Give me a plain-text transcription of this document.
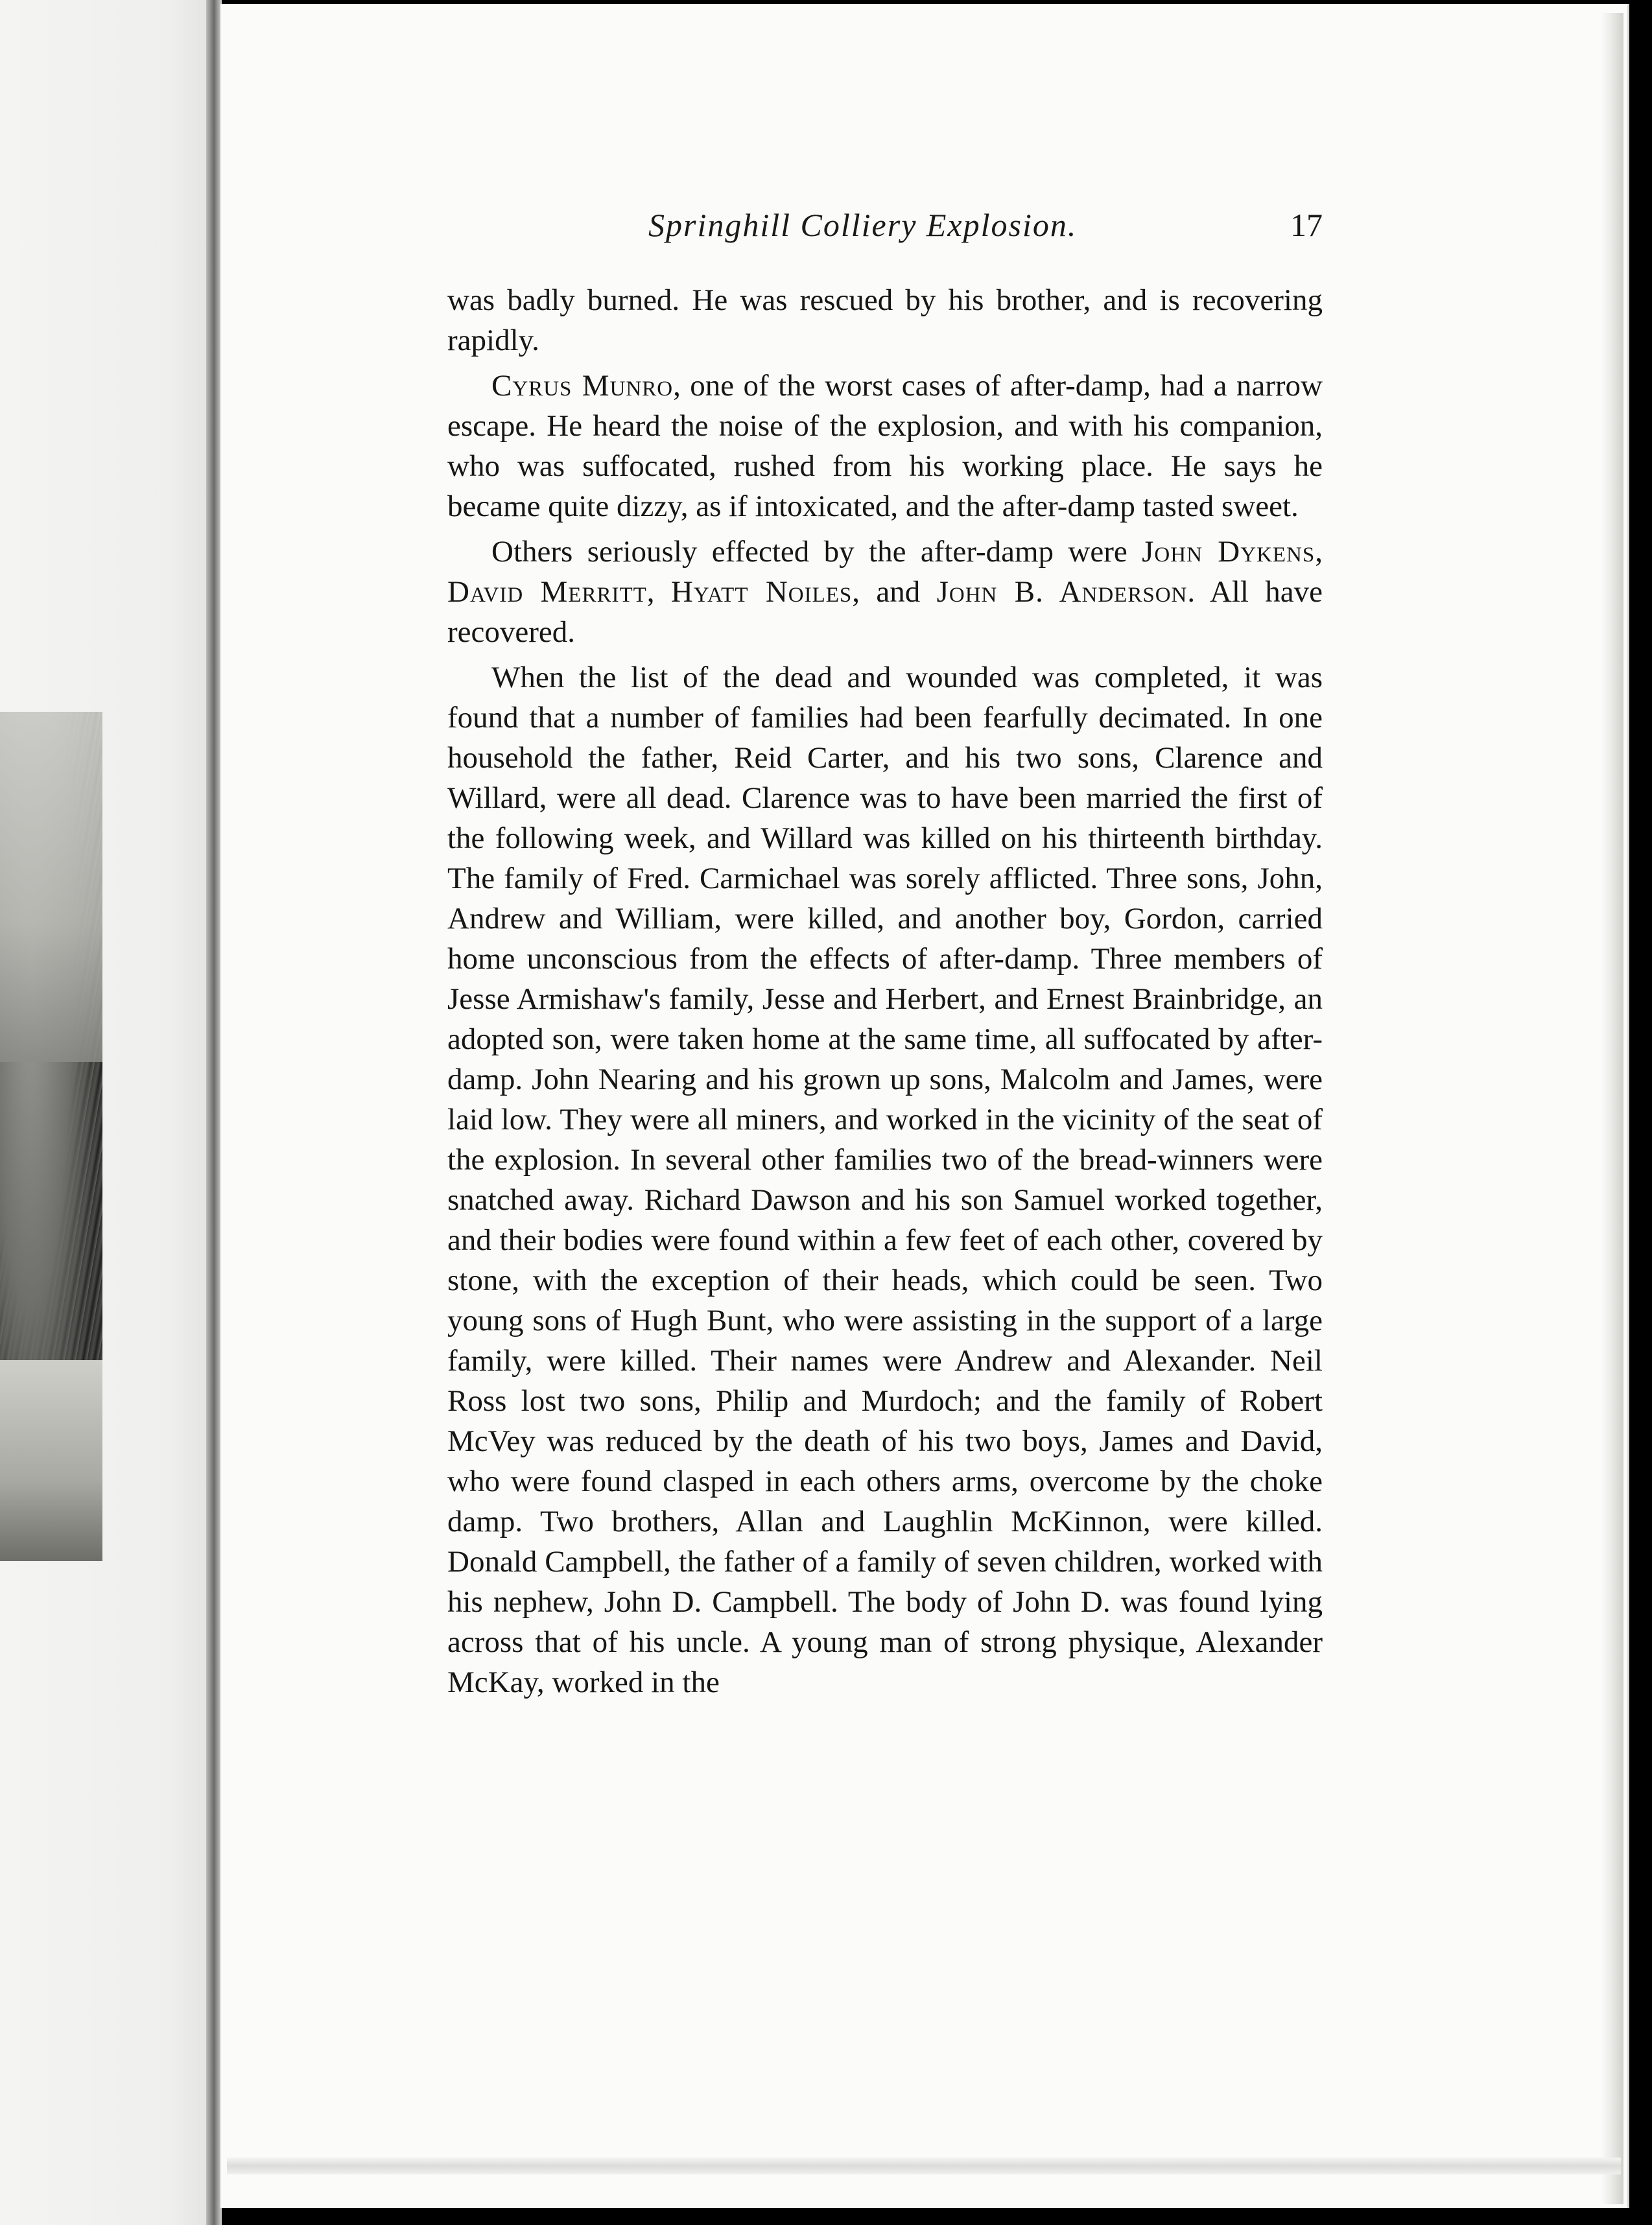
Springhill Colliery Explosion.	17

was badly burned. He was rescued by his brother, and is recovering rapidly.

Cyrus Munro, one of the worst cases of after-damp, had a narrow escape. He heard the noise of the explosion, and with his companion, who was suffocated, rushed from his working place. He says he became quite dizzy, as if intoxicated, and the after-damp tasted sweet.

Others seriously effected by the after-damp were John Dykens, David Merritt, Hyatt Noiles, and John B. Anderson. All have recovered.

When the list of the dead and wounded was completed, it was found that a number of families had been fearfully decimated. In one household the father, Reid Carter, and his two sons, Clarence and Willard, were all dead. Clarence was to have been married the first of the following week, and Willard was killed on his thirteenth birthday. The family of Fred. Carmichael was sorely afflicted. Three sons, John, Andrew and William, were killed, and another boy, Gordon, carried home unconscious from the effects of after-damp. Three members of Jesse Armishaw's family, Jesse and Herbert, and Ernest Brainbridge, an adopted son, were taken home at the same time, all suffocated by after-damp. John Nearing and his grown up sons, Malcolm and James, were laid low. They were all miners, and worked in the vicinity of the seat of the explosion. In several other families two of the bread-winners were snatched away. Richard Dawson and his son Samuel worked together, and their bodies were found within a few feet of each other, covered by stone, with the exception of their heads, which could be seen. Two young sons of Hugh Bunt, who were assisting in the support of a large family, were killed. Their names were Andrew and Alexander. Neil Ross lost two sons, Philip and Murdoch; and the family of Robert McVey was reduced by the death of his two boys, James and David, who were found clasped in each others arms, overcome by the choke damp. Two brothers, Allan and Laughlin McKinnon, were killed. Donald Campbell, the father of a family of seven children, worked with his nephew, John D. Campbell. The body of John D. was found lying across that of his uncle. A young man of strong physique, Alexander McKay, worked in the
